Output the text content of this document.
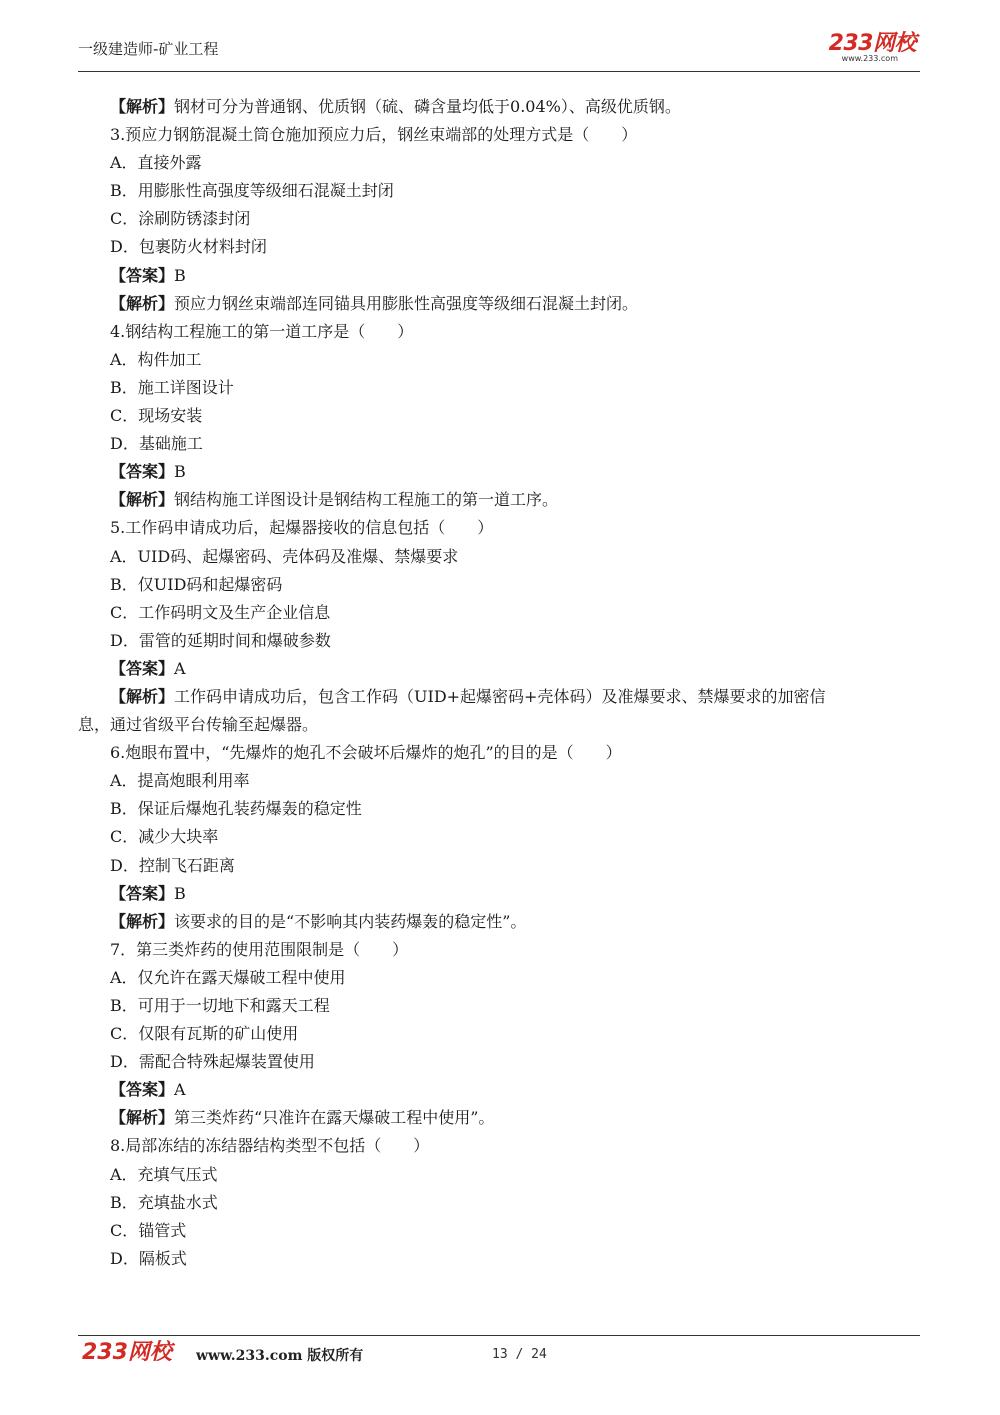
一级建造师-矿业工程	233网校
www.233.com
【解析】钢材可分为普通钢、优质钢（硫、磷含量均低于0.04%）、高级优质钢。
3.预应力钢筋混凝土筒仓施加预应力后，钢丝束端部的处理方式是（　　）
A．直接外露
B．用膨胀性高强度等级细石混凝土封闭
C．涂刷防锈漆封闭
D．包裹防火材料封闭
【答案】B
【解析】预应力钢丝束端部连同锚具用膨胀性高强度等级细石混凝土封闭。
4.钢结构工程施工的第一道工序是（　　）
A．构件加工
B．施工详图设计
C．现场安装
D．基础施工
【答案】B
【解析】钢结构施工详图设计是钢结构工程施工的第一道工序。
5.工作码申请成功后，起爆器接收的信息包括（　　）
A．UID码、起爆密码、壳体码及准爆、禁爆要求
B．仅UID码和起爆密码
C．工作码明文及生产企业信息
D．雷管的延期时间和爆破参数
【答案】A
【解析】工作码申请成功后，包含工作码（UID+起爆密码+壳体码）及准爆要求、禁爆要求的加密信
息，通过省级平台传输至起爆器。
6.炮眼布置中，“先爆炸的炮孔不会破坏后爆炸的炮孔”的目的是（　　）
A．提高炮眼利用率
B．保证后爆炮孔装药爆轰的稳定性
C．减少大块率
D．控制飞石距离
【答案】B
【解析】该要求的目的是“不影响其内装药爆轰的稳定性”。
7．第三类炸药的使用范围限制是（　　）
A．仅允许在露天爆破工程中使用
B．可用于一切地下和露天工程
C．仅限有瓦斯的矿山使用
D．需配合特殊起爆装置使用
【答案】A
【解析】第三类炸药“只准许在露天爆破工程中使用”。
8.局部冻结的冻结器结构类型不包括（　　）
A．充填气压式
B．充填盐水式
C．锚管式
D．隔板式
233网校 www.233.com 版权所有	13 / 24
